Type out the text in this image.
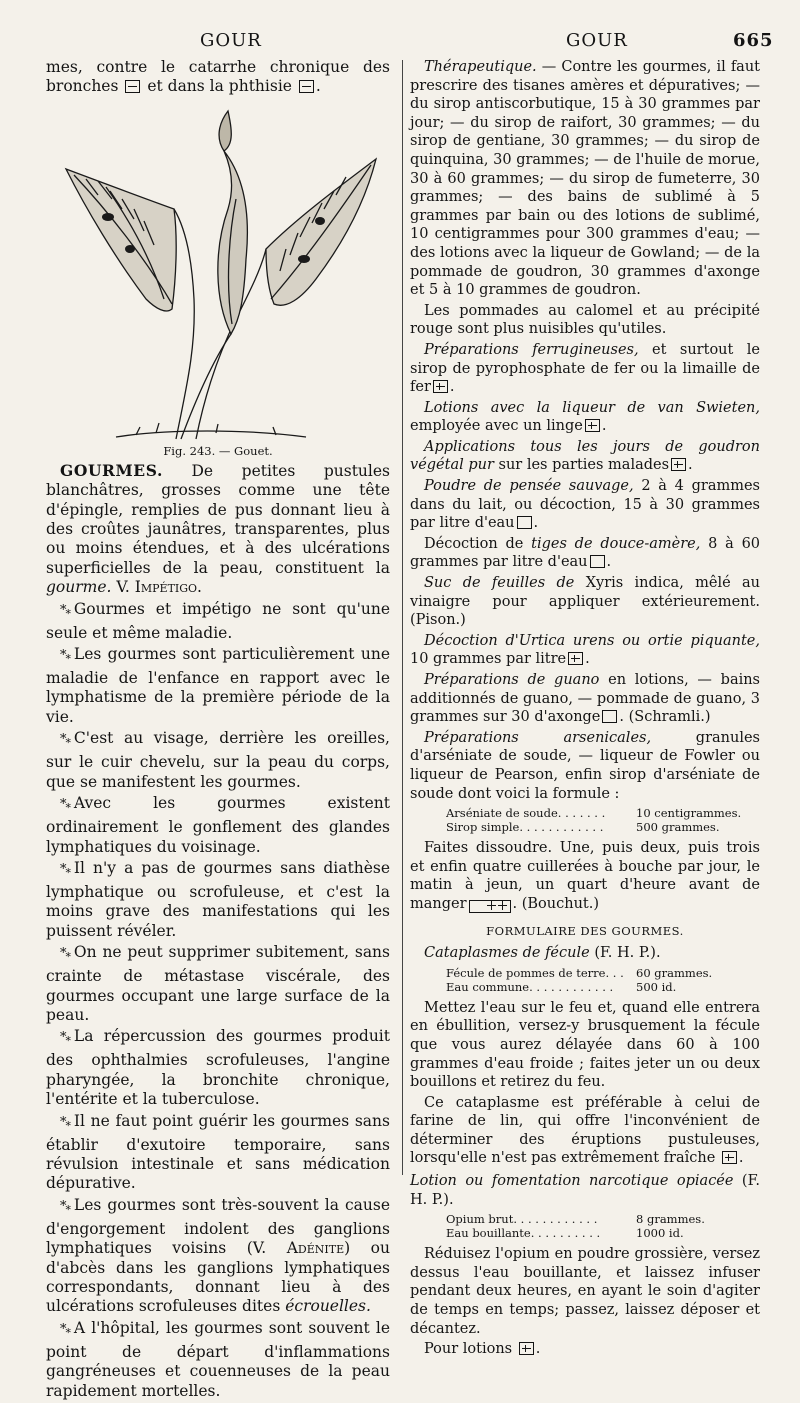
GOUR	GOUR	665

mes, contre le catarrhe chronique des bronches et dans la phthisie .

Fig. 243. — Gouet.

GOURMES. De petites pustules blanchâtres, grosses comme une tête d'épingle, remplies de pus donnant lieu à des croûtes jaunâtres, transparentes, plus ou moins étendues, et à des ulcérations superficielles de la peau, constituent la gourme. V. Impétigo.

$*_*$ Gourmes et impétigo ne sont qu'une seule et même maladie.

$*_*$ Les gourmes sont particulièrement une maladie de l'enfance en rapport avec le lymphatisme de la première période de la vie.

$*_*$ C'est au visage, derrière les oreilles, sur le cuir chevelu, sur la peau du corps, que se manifestent les gourmes.

$*_*$ Avec les gourmes existent ordinairement le gonflement des glandes lymphatiques du voisinage.

$*_*$ Il n'y a pas de gourmes sans diathèse lymphatique ou scrofuleuse, et c'est la moins grave des manifestations qui les puissent révéler.

$*_*$ On ne peut supprimer subitement, sans crainte de métastase viscérale, des gourmes occupant une large surface de la peau.

$*_*$ La répercussion des gourmes produit des ophthalmies scrofuleuses, l'angine pharyngée, la bronchite chronique, l'entérite et la tuberculose.

$*_*$ Il ne faut point guérir les gourmes sans établir d'exutoire temporaire, sans révulsion intestinale et sans médication dépurative.

$*_*$ Les gourmes sont très-souvent la cause d'engorgement indolent des ganglions lymphatiques voisins (V. Adénite) ou d'abcès dans les ganglions lymphatiques correspondants, donnant lieu à des ulcérations scrofuleuses dites écrouelles.

$*_*$ A l'hôpital, les gourmes sont souvent le point de départ d'inflammations gangréneuses et couenneuses de la peau rapidement mortelles.

Thérapeutique. — Contre les gourmes, il faut prescrire des tisanes amères et dépuratives; — du sirop antiscorbutique, 15 à 30 grammes par jour; — du sirop de raifort, 30 grammes; — du sirop de gentiane, 30 grammes; — du sirop de quinquina, 30 grammes; — de l'huile de morue, 30 à 60 grammes; — du sirop de fumeterre, 30 grammes; — des bains de sublimé à 5 grammes par bain ou des lotions de sublimé, 10 centigrammes pour 300 grammes d'eau; — des lotions avec la liqueur de Gowland; — de la pommade de goudron, 30 grammes d'axonge et 5 à 10 grammes de goudron.

Les pommades au calomel et au précipité rouge sont plus nuisibles qu'utiles.

Préparations ferrugineuses, et surtout le sirop de pyrophosphate de fer ou la limaille de fer .

Lotions avec la liqueur de van Swieten, employée avec un linge .

Applications tous les jours de goudron végétal pur sur les parties malades .

Poudre de pensée sauvage, 2 à 4 grammes dans du lait, ou décoction, 15 à 30 grammes par litre d'eau .

Décoction de tiges de douce-amère, 8 à 60 grammes par litre d'eau .

Suc de feuilles de Xyris indica, mêlé au vinaigre pour appliquer extérieurement. (Pison.)

Décoction d'Urtica urens ou ortie piquante, 10 grammes par litre .

Préparations de guano en lotions, — bains additionnés de guano, — pommade de guano, 3 grammes sur 30 d'axonge . (Schramli.)

Préparations arsenicales,	granules d'arséniate de soude, — liqueur de Fowler ou liqueur de Pearson, enfin sirop d'arséniate de soude dont voici la formule :

Arséniate de soude. . . . . . .	10 centigrammes.
Sirop simple. . . . . . . . . . . .	500 grammes.

Faites dissoudre. Une, puis deux, puis trois et enfin quatre cuillerées à bouche par jour, le matin à jeun, un quart d'heure avant de manger	. (Bouchut.)

FORMULAIRE DES GOURMES.

Cataplasmes de fécule (F. H. P.).

Fécule de pommes de terre. . .	60 grammes.
Eau commune. . . . . . . . . . . .	500 id.

Mettez l'eau sur le feu et, quand elle entrera en ébullition, versez-y brusquement la fécule que vous aurez délayée dans 60 à 100 grammes d'eau froide ; faites jeter un ou deux bouillons et retirez du feu.

Ce cataplasme est préférable à celui de farine de lin, qui offre l'inconvénient de déterminer des éruptions pustuleuses, lorsqu'elle n'est pas extrêmement fraîche .

Lotion ou fomentation narcotique opiacée (F. H. P.).

Opium brut. . . . . . . . . . . .	8 grammes.
Eau bouillante. . . . . . . . . .	1000 id.

Réduisez l'opium en poudre grossière, versez dessus l'eau bouillante, et laissez infuser pendant deux heures, en ayant le soin d'agiter de temps en temps; passez, laissez déposer et décantez.

Pour lotions .
